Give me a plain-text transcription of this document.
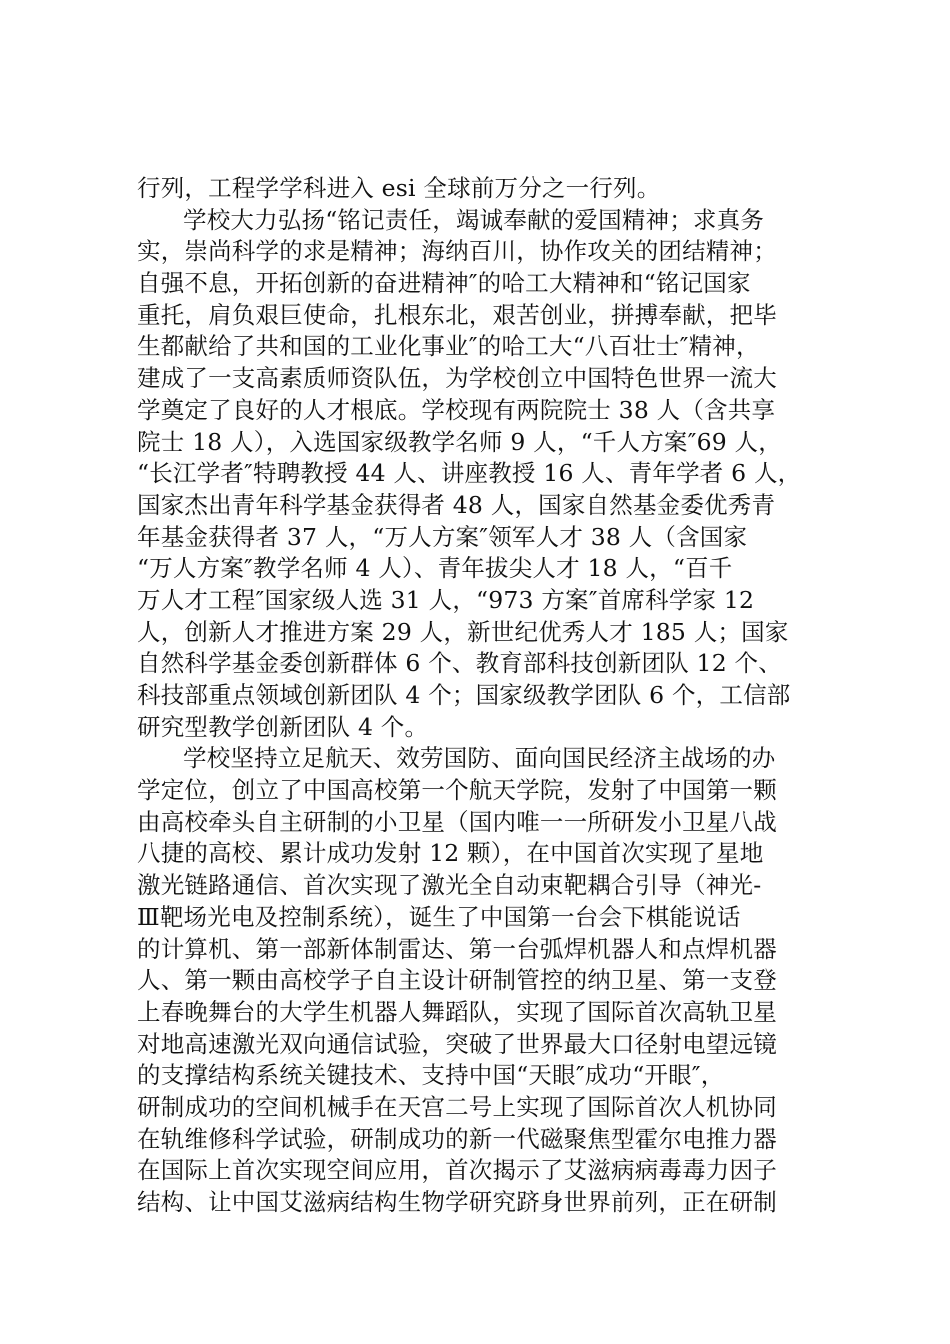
行列，工程学学科进入 esi 全球前万分之一行列。
学校大力弘扬“铭记责任，竭诚奉献的爱国精神；求真务
实，崇尚科学的求是精神；海纳百川，协作攻关的团结精神；
自强不息，开拓创新的奋进精神″的哈工大精神和“铭记国家
重托，肩负艰巨使命，扎根东北，艰苦创业，拼搏奉献，把毕
生都献给了共和国的工业化事业″的哈工大“八百壮士″精神，
建成了一支高素质师资队伍，为学校创立中国特色世界一流大
学奠定了良好的人才根底。学校现有两院院士 38 人（含共享
院士 18 人），入选国家级教学名师 9 人，“千人方案″69 人，
“长江学者″特聘教授 44 人、讲座教授 16 人、青年学者 6 人，
国家杰出青年科学基金获得者 48 人，国家自然基金委优秀青
年基金获得者 37 人，“万人方案″领军人才 38 人（含国家
“万人方案″教学名师 4 人）、青年拔尖人才 18 人，“百千
万人才工程″国家级人选 31 人，“973 方案″首席科学家 12
人，创新人才推进方案 29 人，新世纪优秀人才 185 人；国家
自然科学基金委创新群体 6 个、教育部科技创新团队 12 个、
科技部重点领域创新团队 4 个；国家级教学团队 6 个，工信部
研究型教学创新团队 4 个。
学校坚持立足航天、效劳国防、面向国民经济主战场的办
学定位，创立了中国高校第一个航天学院，发射了中国第一颗
由高校牵头自主研制的小卫星（国内唯一一所研发小卫星八战
八捷的高校、累计成功发射 12 颗），在中国首次实现了星地
激光链路通信、首次实现了激光全自动束靶耦合引导（神光-
Ⅲ靶场光电及控制系统），诞生了中国第一台会下棋能说话
的计算机、第一部新体制雷达、第一台弧焊机器人和点焊机器
人、第一颗由高校学子自主设计研制管控的纳卫星、第一支登
上春晚舞台的大学生机器人舞蹈队，实现了国际首次高轨卫星
对地高速激光双向通信试验，突破了世界最大口径射电望远镜
的支撑结构系统关键技术、支持中国“天眼″成功“开眼″，
研制成功的空间机械手在天宫二号上实现了国际首次人机协同
在轨维修科学试验，研制成功的新一代磁聚焦型霍尔电推力器
在国际上首次实现空间应用，首次揭示了艾滋病病毒毒力因子
结构、让中国艾滋病结构生物学研究跻身世界前列，正在研制
